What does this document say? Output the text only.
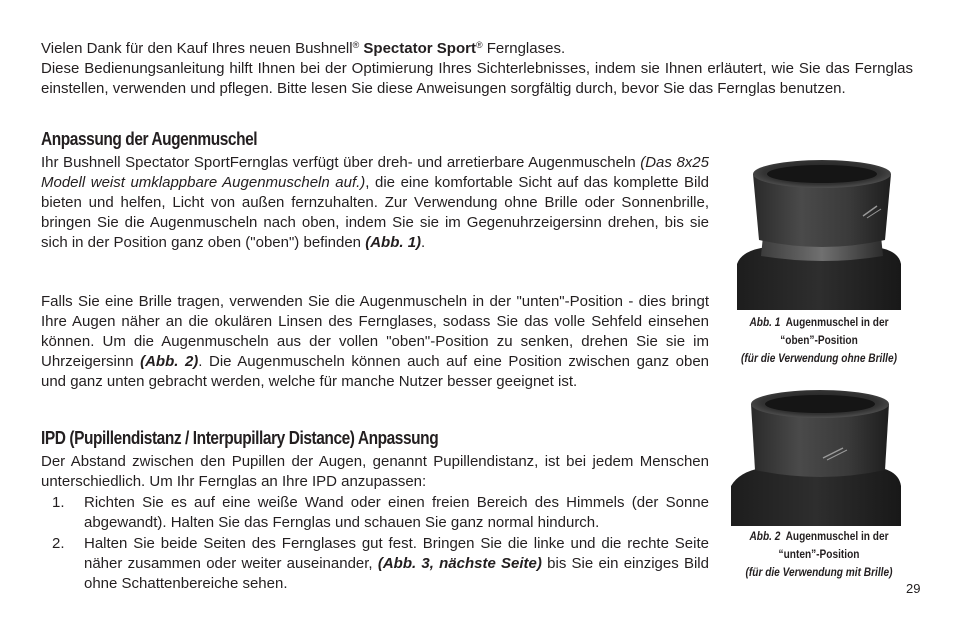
Vielen Dank für den Kauf Ihres neuen Bushnell® Spectator Sport® Fernglases.

Diese Bedienungsanleitung hilft Ihnen bei der Optimierung Ihres Sichterlebnisses, indem sie Ihnen erläutert, wie Sie das Fernglas einstellen, verwenden und pflegen. Bitte lesen Sie diese Anweisungen sorgfältig durch, bevor Sie das Fernglas benutzen.

Anpassung der Augenmuschel

Ihr Bushnell Spectator SportFernglas verfügt über dreh- und arretierbare Augenmuscheln (Das 8x25 Modell weist umklappbare Augenmuscheln auf.), die eine komfortable Sicht auf das komplette Bild bieten und helfen, Licht von außen fernzuhalten. Zur Verwendung ohne Brille oder Sonnenbrille, bringen Sie die Augenmuscheln nach oben, indem Sie sie im Gegenuhrzeigersinn drehen, bis sie sich in der Position ganz oben ("oben") befinden (Abb. 1).

Falls Sie eine Brille tragen, verwenden Sie die Augenmuscheln in der "unten"-Position - dies bringt Ihre Augen näher an die okulären Linsen des Fernglases, sodass Sie das volle Sehfeld einsehen können. Um die Augenmuscheln aus der vollen "oben"-Position zu senken, drehen Sie sie im Uhrzeigersinn (Abb. 2). Die Augenmuscheln können auch auf eine Position zwischen ganz oben und ganz unten gebracht werden, welche für manche Nutzer besser geeignet ist.

IPD (Pupillendistanz / Interpupillary Distance) Anpassung

Der Abstand zwischen den Pupillen der Augen, genannt Pupillendistanz, ist bei jedem Menschen unterschiedlich. Um Ihr Fernglas an Ihre IPD anzupassen:

1. Richten Sie es auf eine weiße Wand oder einen freien Bereich des Himmels (der Sonne abgewandt). Halten Sie das Fernglas und schauen Sie ganz normal hindurch.
2. Halten Sie beide Seiten des Fernglases gut fest. Bringen Sie die linke und die rechte Seite näher zusammen oder weiter auseinander, (Abb. 3, nächste Seite) bis Sie ein einziges Bild ohne Schattenbereiche sehen.
Abb. 1 Augenmuschel in der
“oben”-Position
(für die Verwendung ohne Brille)
Abb. 2 Augenmuschel in der
“unten”-Position
(für die Verwendung mit Brille)
29
